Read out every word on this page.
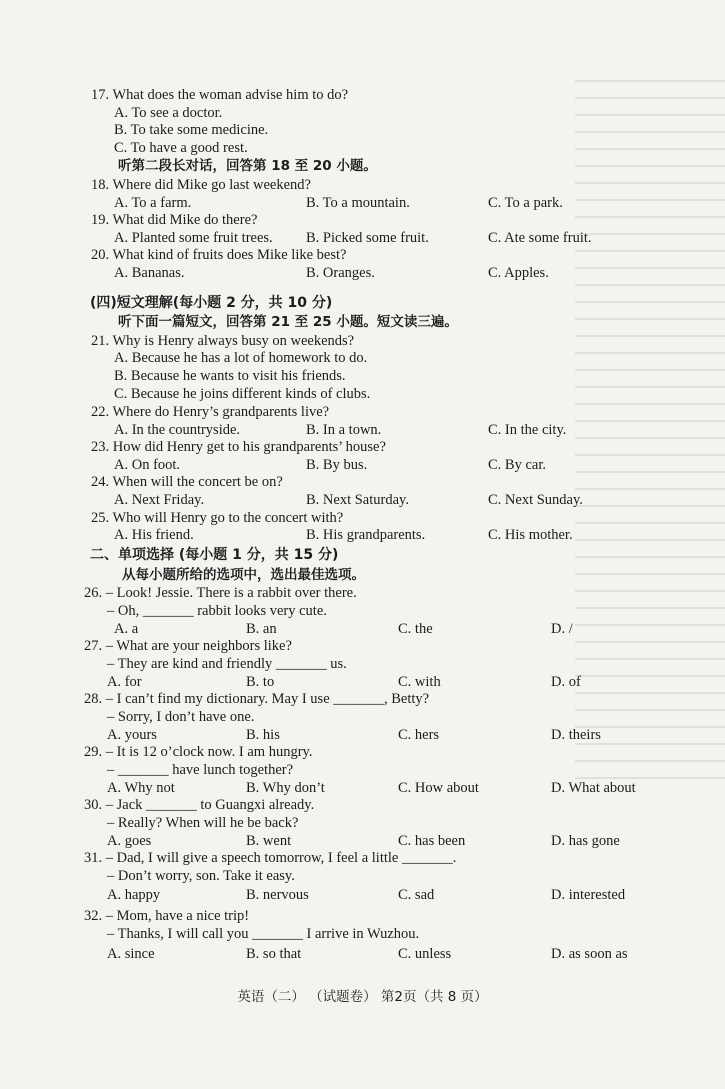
17. What does the woman advise him to do?
A. To see a doctor.
B. To take some medicine.
C. To have a good rest.
听第二段长对话，回答第 18 至 20 小题。
18. Where did Mike go last weekend?
A. To a farm.	B. To a mountain.	C. To a park.
19. What did Mike do there?
A. Planted some fruit trees. B. Picked some fruit.	C. Ate some fruit.
20. What kind of fruits does Mike like best?
A. Bananas.	B. Oranges.	C. Apples.
(四)短文理解(每小题 2 分，共 10 分)
听下面一篇短文，回答第 21 至 25 小题。短文读三遍。
21. Why is Henry always busy on weekends?
A. Because he has a lot of homework to do.
B. Because he wants to visit his friends.
C. Because he joins different kinds of clubs.
22. Where do Henry’s grandparents live?
A. In the countryside.	B. In a town.	C. In the city.
23. How did Henry get to his grandparents’ house?
A. On foot.	B. By bus.	C. By car.
24. When will the concert be on?
A. Next Friday.	B. Next Saturday.	C. Next Sunday.
25. Who will Henry go to the concert with?
A. His friend.	B. His grandparents.	C. His mother.
二、单项选择 (每小题 1 分，共 15 分)
从每小题所给的选项中，选出最佳选项。
26. – Look! Jessie. There is a rabbit over there.
– Oh, _______ rabbit looks very cute.
A. a	B. an	C. the	D. /
27. – What are your neighbors like?
– They are kind and friendly _______ us.
A. for	B. to	C. with	D. of
28. – I can’t find my dictionary. May I use _______, Betty?
– Sorry, I don’t have one.
A. yours	B. his	C. hers	D. theirs
29. – It is 12 o’clock now. I am hungry.
– _______ have lunch together?
A. Why not	B. Why don’t	C. How about	D. What about
30. – Jack _______ to Guangxi already.
– Really? When will he be back?
A. goes	B. went	C. has been	D. has gone
31. – Dad, I will give a speech tomorrow, I feel a little _______.
– Don’t worry, son. Take it easy.
A. happy	B. nervous	C. sad	D. interested
32. – Mom, have a nice trip!
– Thanks, I will call you _______ I arrive in Wuzhou.
A. since	B. so that	C. unless	D. as soon as
英语（二） （试题卷） 第2页（共 8 页）
